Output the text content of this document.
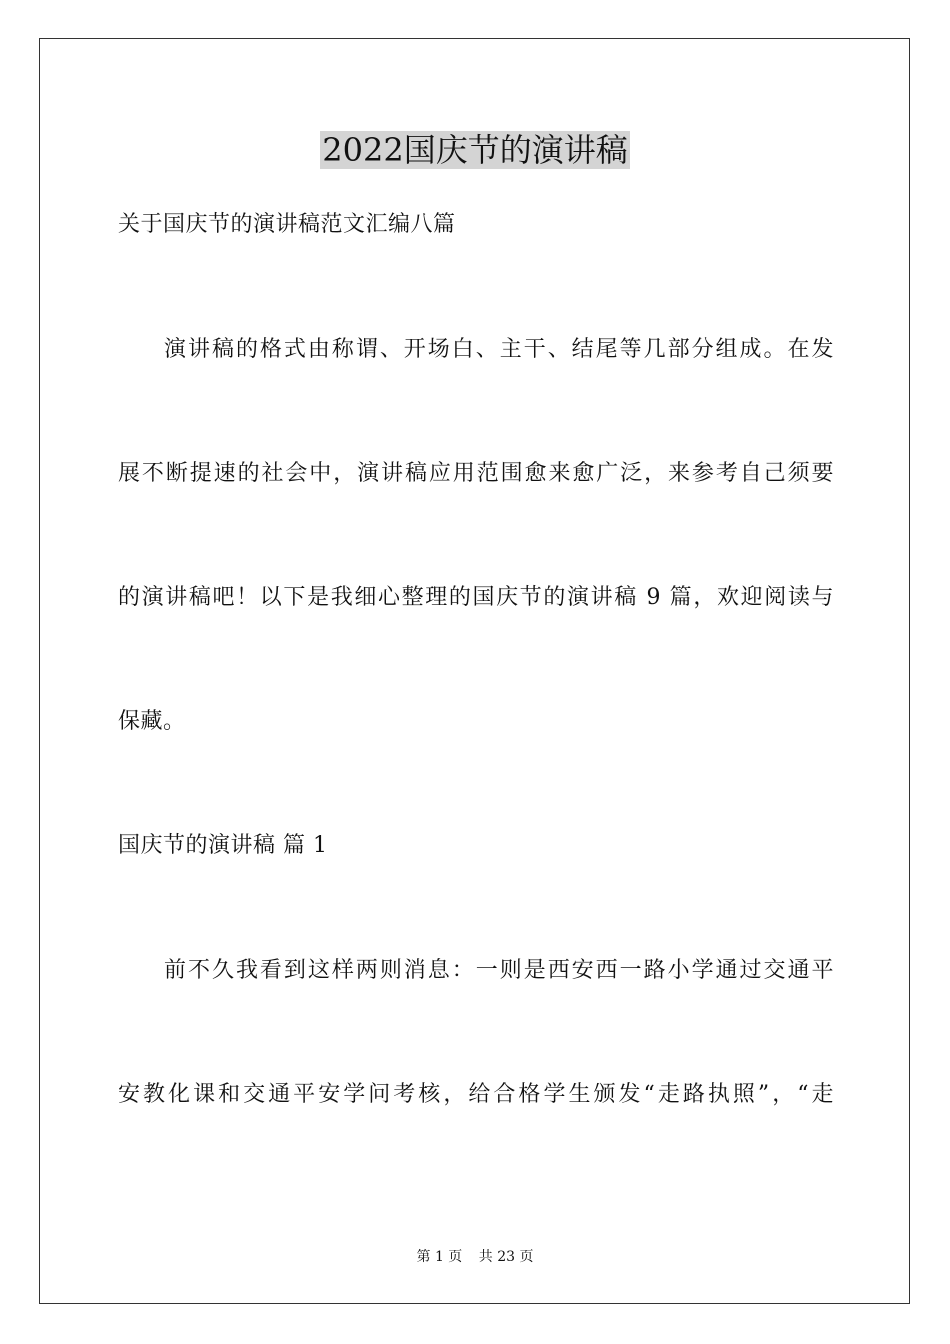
2022国庆节的演讲稿
关于国庆节的演讲稿范文汇编八篇
演讲稿的格式由称谓、开场白、主干、结尾等几部分组成。在发
展不断提速的社会中，演讲稿应用范围愈来愈广泛，来参考自己须要
的演讲稿吧！以下是我细心整理的国庆节的演讲稿 9 篇，欢迎阅读与
保藏。
国庆节的演讲稿 篇 1
前不久我看到这样两则消息：一则是西安西一路小学通过交通平
安教化课和交通平安学问考核，给合格学生颁发“走路执照”，“走
第 1 页 共 23 页
